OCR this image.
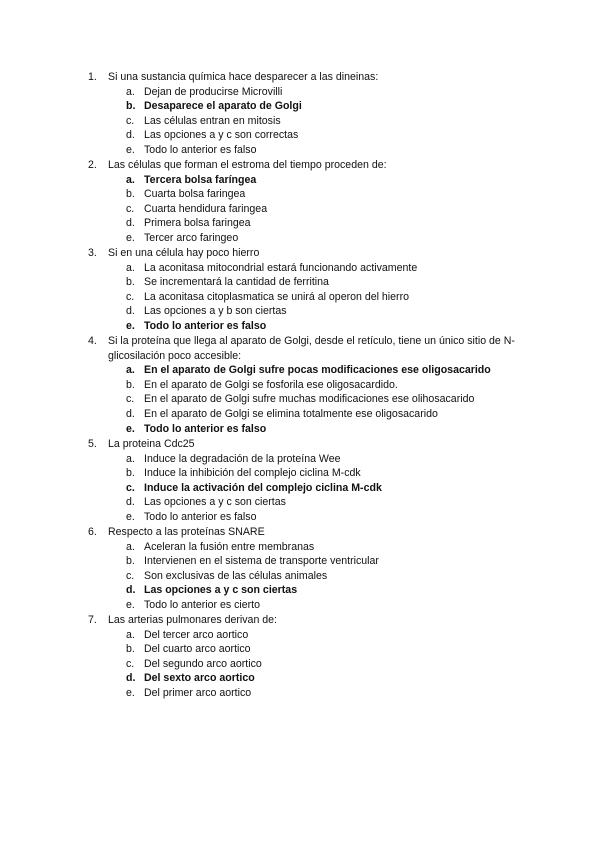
1.	Si una sustancia química hace desparecer a las dineinas:
a. Dejan de producirse Microvilli
b. Desaparece el aparato de Golgi
c. Las células entran en mitosis
d. Las opciones a y c son correctas
e. Todo lo anterior es falso
2.	Las células que forman el estroma del tiempo proceden de:
a. Tercera bolsa faríngea
b. Cuarta bolsa faringea
c. Cuarta hendidura faringea
d. Primera bolsa faringea
e. Tercer arco faringeo
3.	Si en una célula hay poco hierro
a. La aconitasa mitocondrial estará funcionando activamente
b. Se incrementará la cantidad de ferritina
c. La aconitasa citoplasmatica se unirá al operon del hierro
d. Las opciones a y b son ciertas
e. Todo lo anterior es falso
4.	Si la proteína que llega al aparato de Golgi, desde el retículo, tiene un único sitio de N-glicosilación poco accesible:
a. En el aparato de Golgi sufre pocas modificaciones ese oligosacarido
b. En el aparato de Golgi se fosforila ese oligosacardido.
c. En el aparato de Golgi sufre muchas modificaciones ese olihosacarido
d. En el aparato de Golgi se elimina totalmente ese oligosacarido
e. Todo lo anterior es falso
5.	La proteina Cdc25
a. Induce la degradación de la proteína Wee
b. Induce la inhibición del complejo ciclina M-cdk
c. Induce la activación del complejo ciclina M-cdk
d. Las opciones a y c son ciertas
e. Todo lo anterior es falso
6.	Respecto a las proteínas SNARE
a. Aceleran la fusión entre membranas
b. Intervienen en el sistema de transporte ventricular
c. Son exclusivas de las células animales
d. Las opciones a y c son ciertas
e. Todo lo anterior es cierto
7.	Las arterias pulmonares derivan de:
a. Del tercer arco aortico
b. Del cuarto arco aortico
c. Del segundo arco aortico
d. Del sexto arco aortico
e. Del primer arco aortico
